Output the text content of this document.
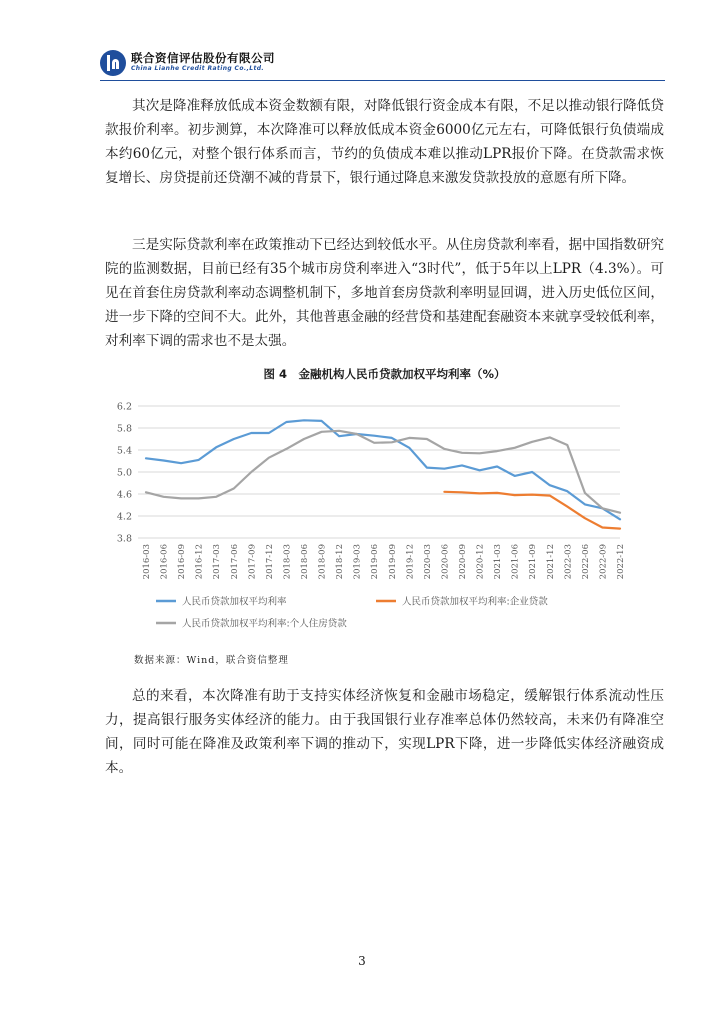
联合资信评估股份有限公司
China Lianhe Credit Rating Co.,Ltd.

其次是降准释放低成本资金数额有限，对降低银行资金成本有限，不足以推动银行降低贷款报价利率。初步测算，本次降准可以释放低成本资金6000亿元左右，可降低银行负债端成本约60亿元，对整个银行体系而言，节约的负债成本难以推动LPR报价下降。在贷款需求恢复增长、房贷提前还贷潮不减的背景下，银行通过降息来激发贷款投放的意愿有所下降。

三是实际贷款利率在政策推动下已经达到较低水平。从住房贷款利率看，据中国指数研究院的监测数据，目前已经有35个城市房贷利率进入“3时代”，低于5年以上LPR（4.3%）。可见在首套住房贷款利率动态调整机制下，多地首套房贷款利率明显回调，进入历史低位区间，进一步下降的空间不大。此外，其他普惠金融的经营贷和基建配套融资本来就享受较低利率，对利率下调的需求也不是太强。

图 4　金融机构人民币贷款加权平均利率（%）
6.2
5.8
5.4
5.0
4.6
4.2
3.8
2016-03 2016-06 2016-09 2016-12 2017-03 2017-06 2017-09 2017-12 2018-03 2018-06 2018-09 2018-12 2019-03 2019-06 2019-09 2019-12 2020-03 2020-06 2020-09 2020-12 2021-03 2021-06 2021-09 2021-12 2022-03 2022-06 2022-09 2022-12
人民币贷款加权平均利率	人民币贷款加权平均利率:企业贷款
人民币贷款加权平均利率:个人住房贷款
数据来源：Wind，联合资信整理

总的来看，本次降准有助于支持实体经济恢复和金融市场稳定，缓解银行体系流动性压力，提高银行服务实体经济的能力。由于我国银行业存准率总体仍然较高，未来仍有降准空间，同时可能在降准及政策利率下调的推动下，实现LPR下降，进一步降低实体经济融资成本。

3
